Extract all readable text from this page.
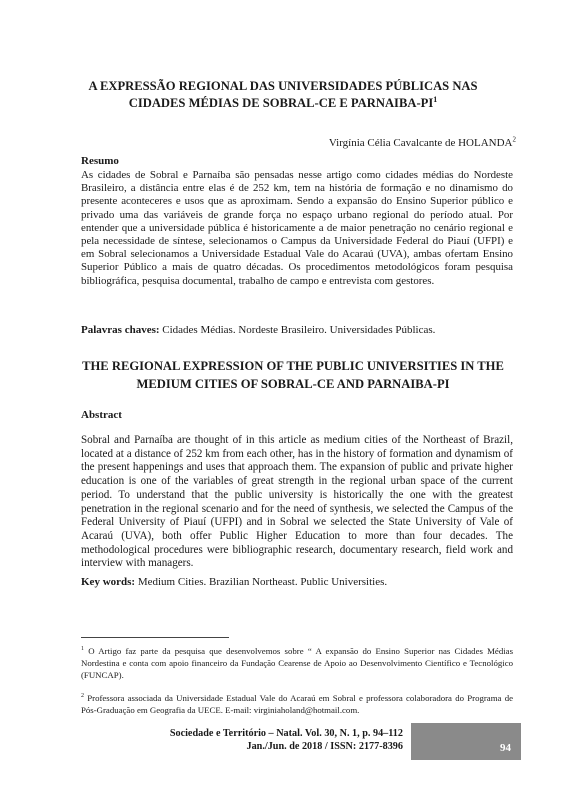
A EXPRESSÃO REGIONAL DAS UNIVERSIDADES PÚBLICAS NAS CIDADES MÉDIAS DE SOBRAL-CE E PARNAIBA-$PI^1$
Virgínia Célia Cavalcante de HOLANDA$^2$
Resumo
As cidades de Sobral e Parnaíba são pensadas nesse artigo como cidades médias do Nordeste Brasileiro, a distância entre elas é de 252 km, tem na história de formação e no dinamismo do presente aconteceres e usos que as aproximam. Sendo a expansão do Ensino Superior público e privado uma das variáveis de grande força no espaço urbano regional do período atual. Por entender que a universidade pública é historicamente a de maior penetração no cenário regional e pela necessidade de síntese, selecionamos o Campus da Universidade Federal do Piauí (UFPI) e em Sobral selecionamos a Universidade Estadual Vale do Acaraú (UVA), ambas ofertam Ensino Superior Público a mais de quatro décadas. Os procedimentos metodológicos foram pesquisa bibliográfica, pesquisa documental, trabalho de campo e entrevista com gestores.
Palavras chaves: Cidades Médias. Nordeste Brasileiro. Universidades Públicas.
THE REGIONAL EXPRESSION OF THE PUBLIC UNIVERSITIES IN THE MEDIUM CITIES OF SOBRAL-CE AND PARNAIBA-PI
Abstract
Sobral and Parnaíba are thought of in this article as medium cities of the Northeast of Brazil, located at a distance of 252 km from each other, has in the history of formation and dynamism of the present happenings and uses that approach them. The expansion of public and private higher education is one of the variables of great strength in the regional urban space of the current period. To understand that the public university is historically the one with the greatest penetration in the regional scenario and for the need of synthesis, we selected the Campus of the Federal University of Piauí (UFPI) and in Sobral we selected the State University of Vale of Acaraú (UVA), both offer Public Higher Education to more than four decades. The methodological procedures were bibliographic research, documentary research, field work and interview with managers.
Key words: Medium Cities. Brazilian Northeast. Public Universities.
$^1$ O Artigo faz parte da pesquisa que desenvolvemos sobre “ A expansão do Ensino Superior nas Cidades Médias Nordestina e conta com apoio financeiro da Fundação Cearense de Apoio ao Desenvolvimento Científico e Tecnológico (FUNCAP).
$^2$ Professora associada da Universidade Estadual Vale do Acaraú em Sobral e professora colaboradora do Programa de Pós-Graduação em Geografia da UECE. E-mail: virginiaholand@hotmail.com.
Sociedade e Território – Natal. Vol. 30, N. 1, p. 94–112
Jan./Jun. de 2018 / ISSN: 2177-8396	94
